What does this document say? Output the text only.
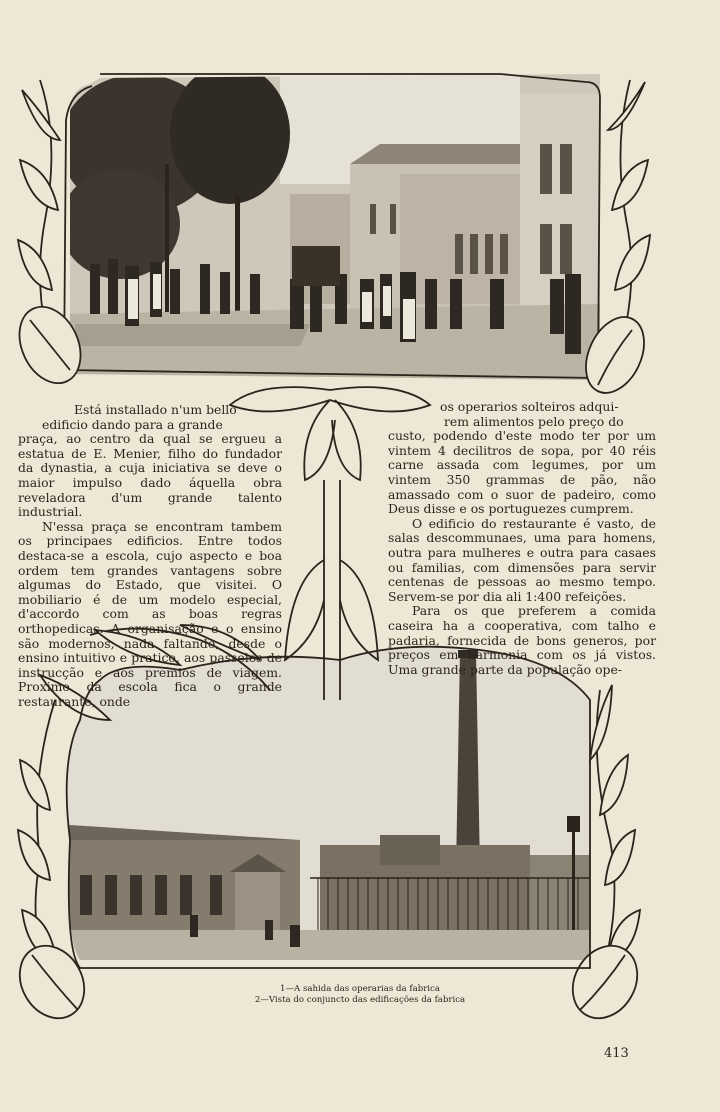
Está installado n'um bello

edificio dando para a grande

praça, ao centro da qual se ergueu a estatua de E. Menier, filho do fundador da dynastia, a cuja iniciativa se deve o maior impulso dado áquella obra reveladora d'um grande talento industrial.

N'essa praça se encontram tambem os principaes edificios. Entre todos destaca-se a escola, cujo aspecto e boa ordem tem grandes vantagens sobre algumas do Estado, que visitei. O mobiliario é de um modelo especial, d'accordo com as boas regras orthopedicas. A organisação e o ensino são modernos, nada faltando, desde o ensino intuitivo e pratico, aos passeios de instrucção e aos premios de viagem. Proximo da escola fica o grande restaurante, onde

os operarios solteiros adqui-

rem alimentos pelo preço do

custo, podendo d'este modo ter por um vintem 4 decilitros de sopa, por 40 réis carne assada com legumes, por um vintem 350 grammas de pão, não amassado com o suor de padeiro, como Deus disse e os portuguezes cumprem.

O edificio do restaurante é vasto, de salas descommunaes, uma para homens, outra para mulheres e outra para casaes ou familias, com dimensões para servir centenas de pessoas ao mesmo tempo. Servem-se por dia ali 1:400 refeições.

Para os que preferem a comida caseira ha a cooperativa, com talho e padaria, fornecida de bons generos, por preços em harmonia com os já vistos. Uma grande parte da população ope-

1—A sahida das operarias da fabrica
2—Vista do conjuncto das edificações da fabrica
413
